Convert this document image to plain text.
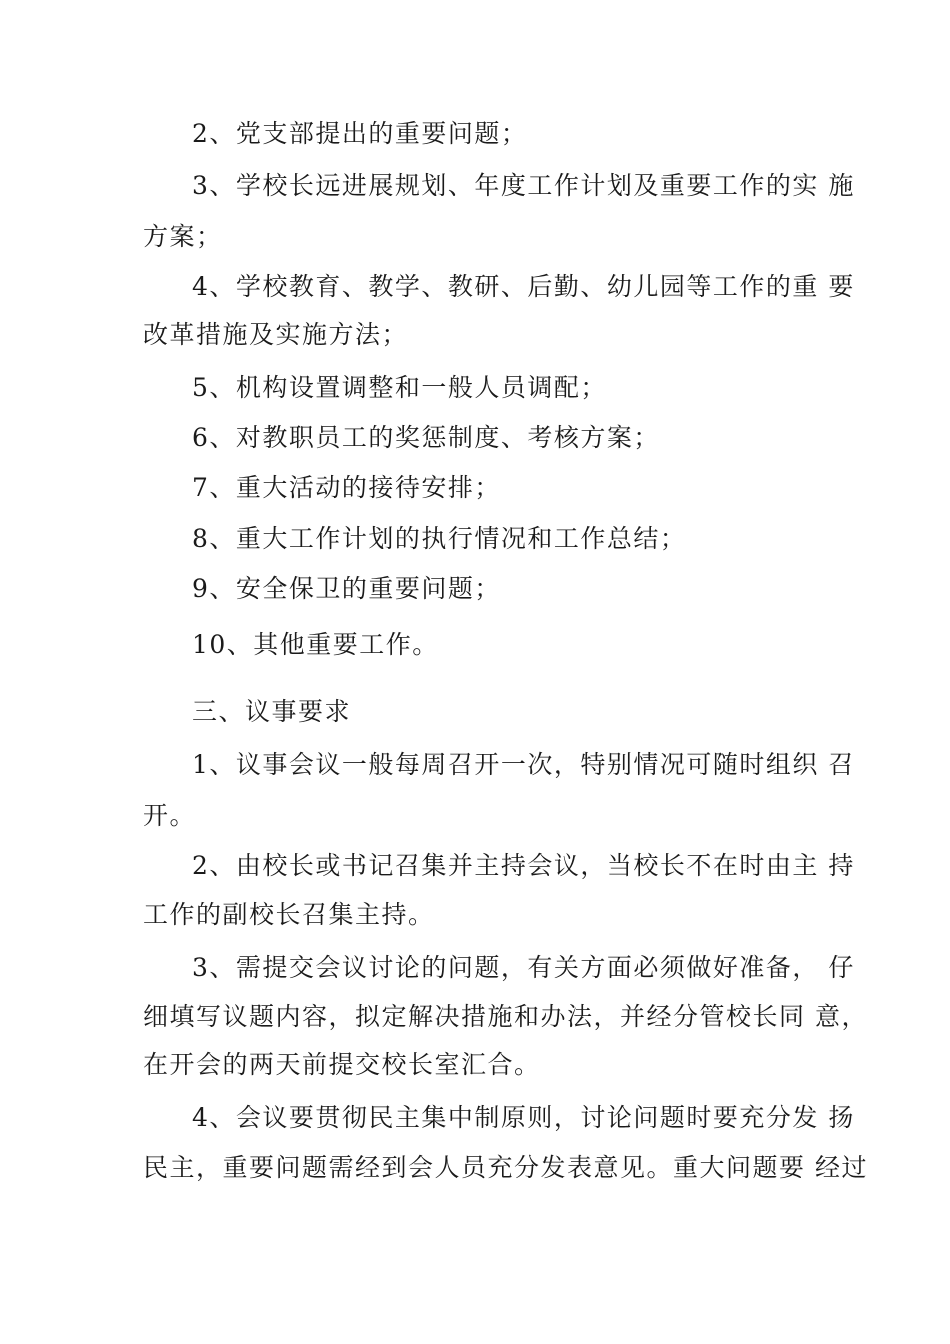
2、党支部提出的重要问题；
3、学校长远进展规划、年度工作计划及重要工作的实 施
方案；
4、学校教育、教学、教研、后勤、幼儿园等工作的重 要
改革措施及实施方法；
5、机构设置调整和一般人员调配；
6、对教职员工的奖惩制度、考核方案；
7、重大活动的接待安排；
8、重大工作计划的执行情况和工作总结；
9、安全保卫的重要问题；
10、其他重要工作。
三、议事要求
1、议事会议一般每周召开一次，特别情况可随时组织 召
开。
2、由校长或书记召集并主持会议，当校长不在时由主 持
工作的副校长召集主持。
3、需提交会议讨论的问题，有关方面必须做好准备， 仔
细填写议题内容，拟定解决措施和办法，并经分管校长同 意，
在开会的两天前提交校长室汇合。
4、会议要贯彻民主集中制原则，讨论问题时要充分发 扬
民主，重要问题需经到会人员充分发表意见。重大问题要 经过
